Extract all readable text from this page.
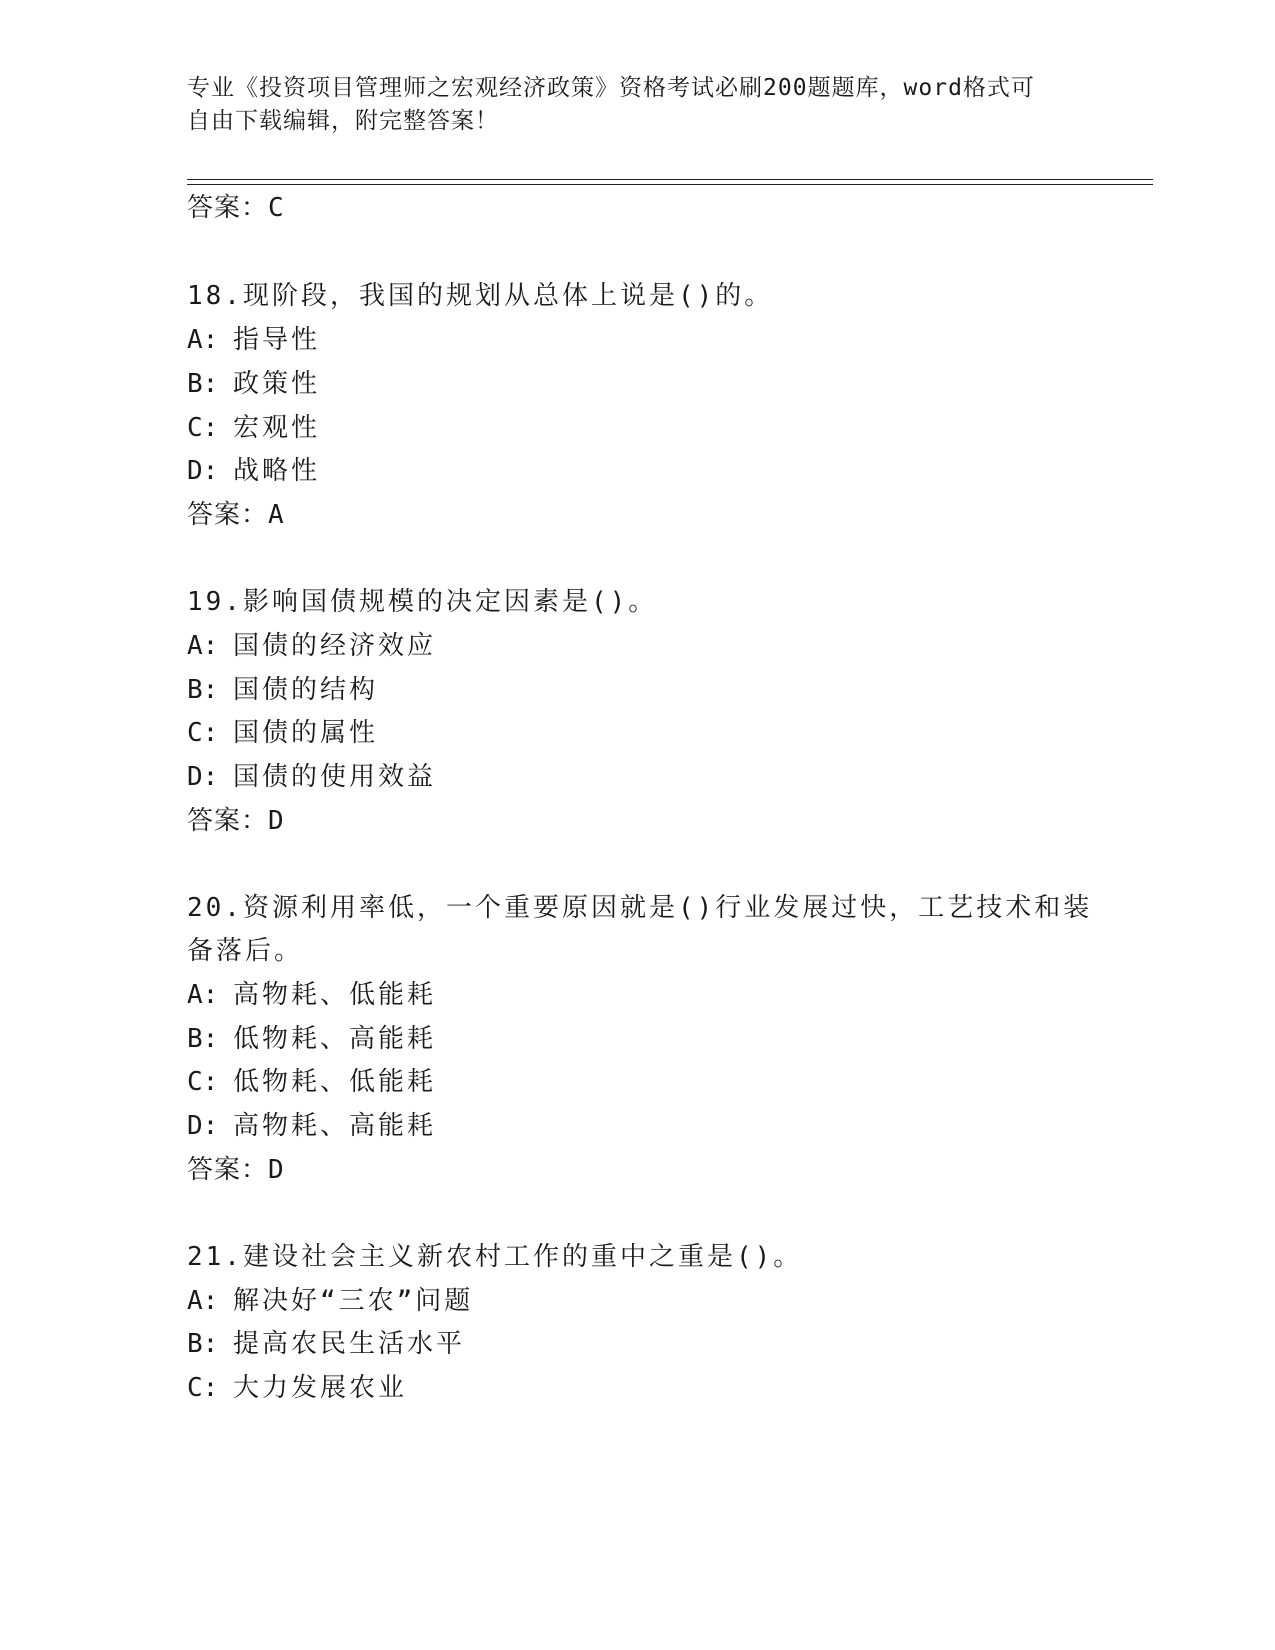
专业《投资项目管理师之宏观经济政策》资格考试必刷200题题库，word格式可
自由下载编辑，附完整答案！
答案：C
18.现阶段，我国的规划从总体上说是()的。
A: 指导性
B: 政策性
C: 宏观性
D: 战略性
答案：A
19.影响国债规模的决定因素是()。
A: 国债的经济效应
B: 国债的结构
C: 国债的属性
D: 国债的使用效益
答案：D
20.资源利用率低，一个重要原因就是()行业发展过快，工艺技术和装
备落后。
A: 高物耗、低能耗
B: 低物耗、高能耗
C: 低物耗、低能耗
D: 高物耗、高能耗
答案：D
21.建设社会主义新农村工作的重中之重是()。
A: 解决好“三农”问题
B: 提高农民生活水平
C: 大力发展农业
